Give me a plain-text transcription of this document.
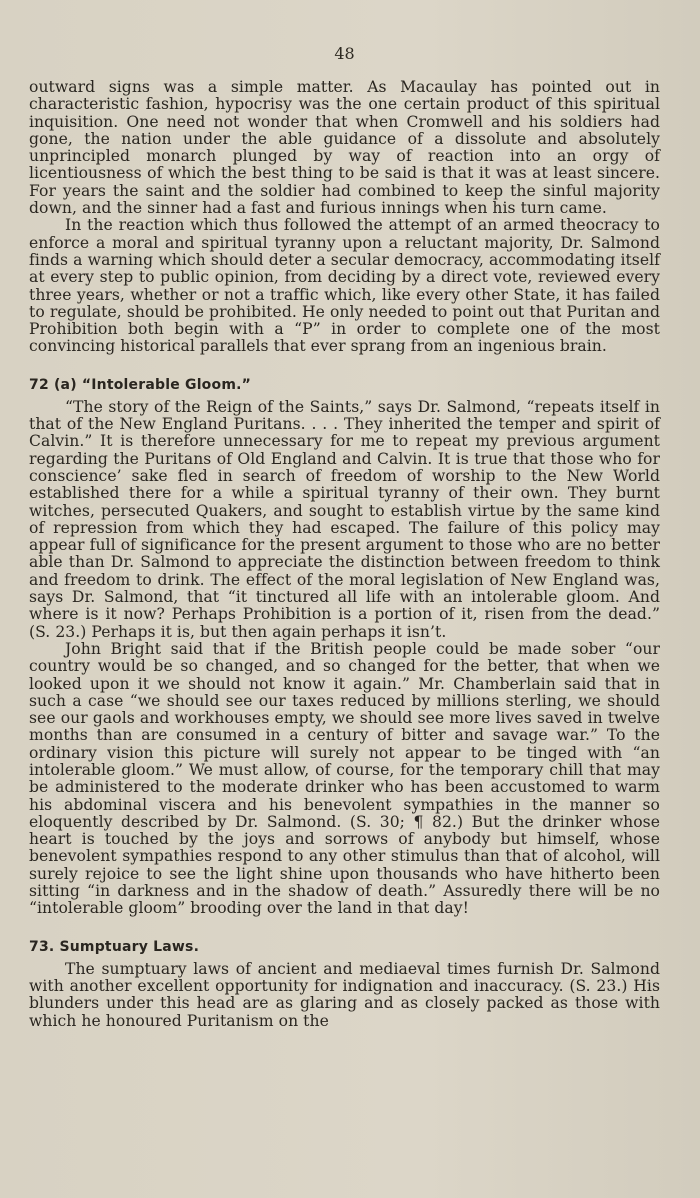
48

outward signs was a simple matter. As Macaulay has pointed out in characteristic fashion, hypocrisy was the one certain product of this spiritual inquisition. One need not wonder that when Cromwell and his soldiers had gone, the nation under the able guidance of a dissolute and absolutely unprincipled monarch plunged by way of reaction into an orgy of licentiousness of which the best thing to be said is that it was at least sincere. For years the saint and the soldier had combined to keep the sinful majority down, and the sinner had a fast and furious innings when his turn came.

In the reaction which thus followed the attempt of an armed theocracy to enforce a moral and spiritual tyranny upon a reluctant majority, Dr. Salmond finds a warning which should deter a secular democracy, accommodating itself at every step to public opinion, from deciding by a direct vote, reviewed every three years, whether or not a traffic which, like every other State, it has failed to regulate, should be prohibited. He only needed to point out that Puritan and Prohibition both begin with a “P” in order to complete one of the most convincing historical parallels that ever sprang from an ingenious brain.

72 (a) “Intolerable Gloom.”

“The story of the Reign of the Saints,” says Dr. Salmond, “repeats itself in that of the New England Puritans. . . . They inherited the temper and spirit of Calvin.” It is therefore unnecessary for me to repeat my previous argument regarding the Puritans of Old England and Calvin. It is true that those who for conscience’ sake fled in search of freedom of worship to the New World established there for a while a spiritual tyranny of their own. They burnt witches, persecuted Quakers, and sought to establish virtue by the same kind of repression from which they had escaped. The failure of this policy may appear full of significance for the present argument to those who are no better able than Dr. Salmond to appreciate the distinction between freedom to think and freedom to drink. The effect of the moral legislation of New England was, says Dr. Salmond, that “it tinctured all life with an intolerable gloom. And where is it now? Perhaps Prohibition is a portion of it, risen from the dead.” (S. 23.) Perhaps it is, but then again perhaps it isn’t.

John Bright said that if the British people could be made sober “our country would be so changed, and so changed for the better, that when we looked upon it we should not know it again.” Mr. Chamberlain said that in such a case “we should see our taxes reduced by millions sterling, we should see our gaols and workhouses empty, we should see more lives saved in twelve months than are consumed in a century of bitter and savage war.” To the ordinary vision this picture will surely not appear to be tinged with “an intolerable gloom.” We must allow, of course, for the temporary chill that may be administered to the moderate drinker who has been accustomed to warm his abdominal viscera and his benevolent sympathies in the manner so eloquently described by Dr. Salmond. (S. 30; ¶ 82.) But the drinker whose heart is touched by the joys and sorrows of anybody but himself, whose benevolent sympathies respond to any other stimulus than that of alcohol, will surely rejoice to see the light shine upon thousands who have hitherto been sitting “in darkness and in the shadow of death.” Assuredly there will be no “intolerable gloom” brooding over the land in that day!

73. Sumptuary Laws.

The sumptuary laws of ancient and mediaeval times furnish Dr. Salmond with another excellent opportunity for indignation and inaccuracy. (S. 23.) His blunders under this head are as glaring and as closely packed as those with which he honoured Puritanism on the
